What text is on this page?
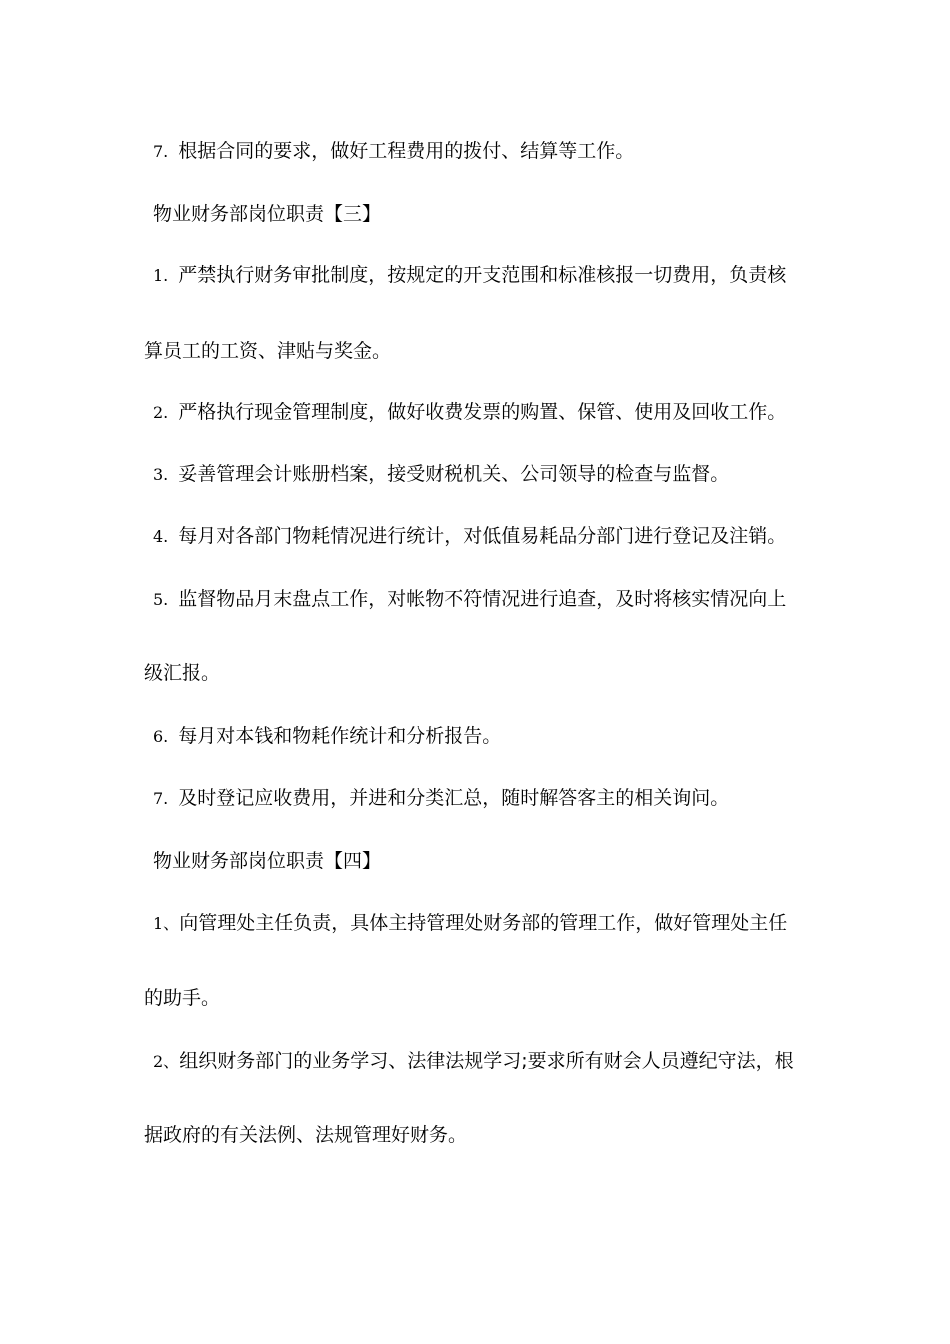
7. 根据合同的要求，做好工程费用的拨付、结算等工作。
物业财务部岗位职责【三】
1. 严禁执行财务审批制度，按规定的开支范围和标准核报一切费用，负责核
算员工的工资、津贴与奖金。
2. 严格执行现金管理制度，做好收费发票的购置、保管、使用及回收工作。
3. 妥善管理会计账册档案，接受财税机关、公司领导的检查与监督。
4. 每月对各部门物耗情况进行统计，对低值易耗品分部门进行登记及注销。
5. 监督物品月末盘点工作，对帐物不符情况进行追查，及时将核实情况向上
级汇报。
6. 每月对本钱和物耗作统计和分析报告。
7. 及时登记应收费用，并进和分类汇总，随时解答客主的相关询问。
物业财务部岗位职责【四】
1、向管理处主任负责，具体主持管理处财务部的管理工作，做好管理处主任
的助手。
2、组织财务部门的业务学习、法律法规学习;要求所有财会人员遵纪守法，根
据政府的有关法例、法规管理好财务。
